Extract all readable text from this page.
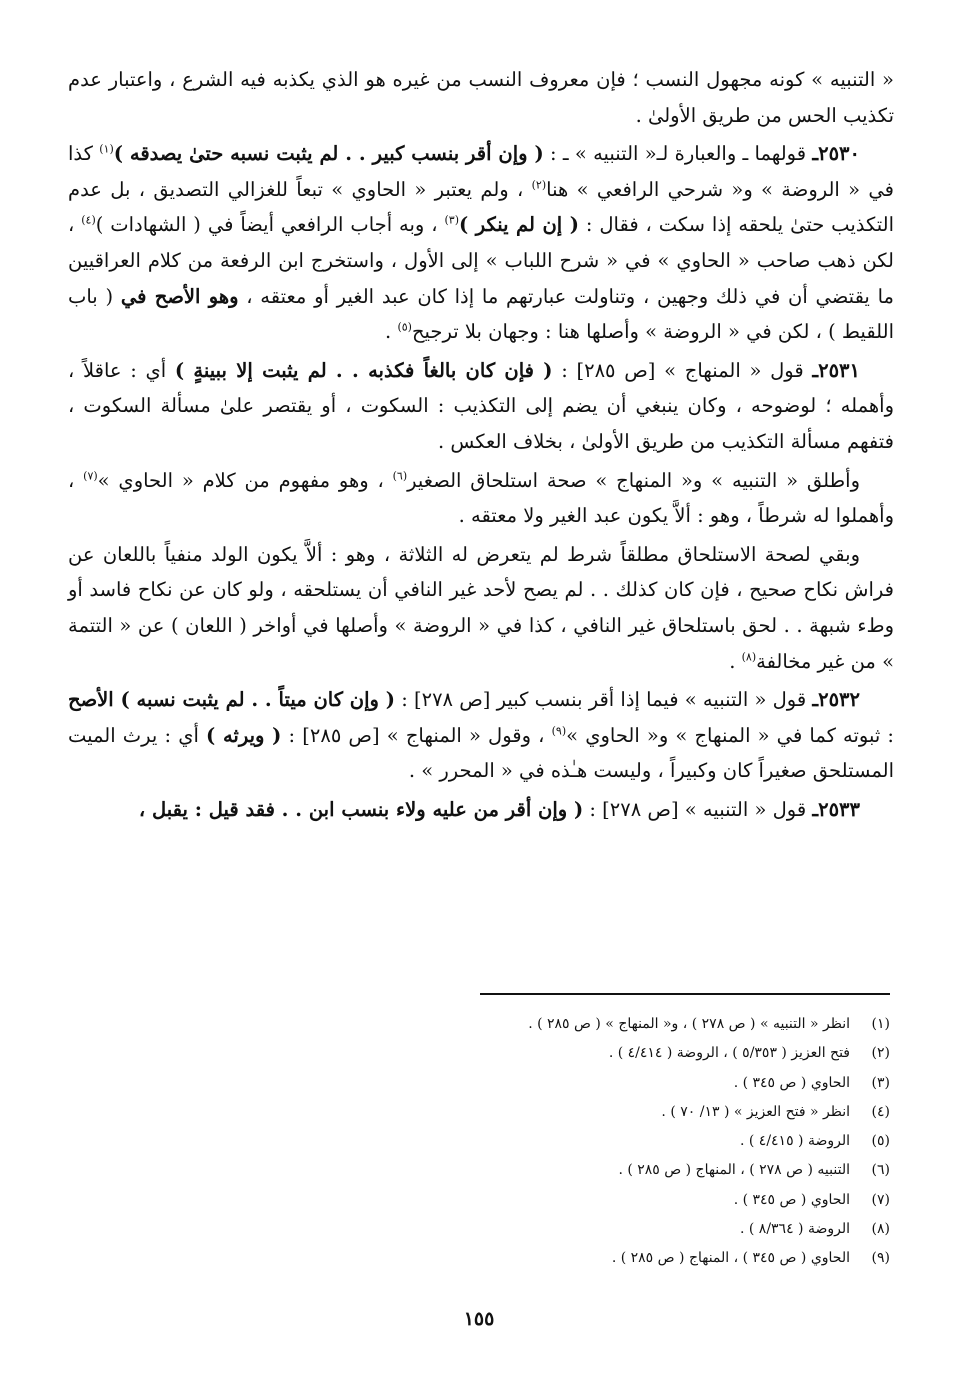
« التنبيه » كونه مجهول النسب ؛ فإن معروف النسب من غيره هو الذي يكذبه فيه الشرع ، واعتبار عدم تكذيب الحس من طريق الأولىٰ .

٢٥٣٠ـ قولهما ـ والعبارة لـ« التنبيه » ـ : ( وإن أقر بنسب كبير . . لم يثبت نسبه حتىٰ يصدقه )$^{(١)}$ كذا في « الروضة » و« شرحي الرافعي » هنا$^{(٢)}$ ، ولم يعتبر « الحاوي » تبعاً للغزالي التصديق ، بل عدم التكذيب حتىٰ يلحقه إذا سكت ، فقال : ( إن لم ينكر )$^{(٣)}$ ، وبه أجاب الرافعي أيضاً في ( الشهادات )$^{(٤)}$ ، لكن ذهب صاحب « الحاوي » في « شرح اللباب » إلى الأول ، واستخرج ابن الرفعة من كلام العراقيين ما يقتضي أن في ذلك وجهين ، وتناولت عبارتهم ما إذا كان عبد الغير أو معتقه ، وهو الأصح في ( باب اللقيط ) ، لكن في « الروضة » وأصلها هنا : وجهان بلا ترجيح$^{(٥)}$ .

٢٥٣١ـ قول « المنهاج » [ص ٢٨٥] : ( فإن كان بالغاً فكذبه . . لم يثبت إلا ببينةٍ ) أي : عاقلاً ، وأهمله ؛ لوضوحه ، وكان ينبغي أن يضم إلى التكذيب : السكوت ، أو يقتصر علىٰ مسألة السكوت ، فتفهم مسألة التكذيب من طريق الأولىٰ ، بخلاف العكس .

وأطلق « التنبيه » و« المنهاج » صحة استلحاق الصغير$^{(٦)}$ ، وهو مفهوم من كلام « الحاوي »$^{(٧)}$ ، وأهملوا له شرطاً ، وهو : ألاَّ يكون عبد الغير ولا معتقه .

وبقي لصحة الاستلحاق مطلقاً شرط لم يتعرض له الثلاثة ، وهو : ألاَّ يكون الولد منفياً باللعان عن فراش نكاح صحيح ، فإن كان كذلك . . لم يصح لأحد غير النافي أن يستلحقه ، ولو كان عن نكاح فاسد أو وطء شبهة . . لحق باستلحاق غير النافي ، كذا في « الروضة » وأصلها في أواخر ( اللعان ) عن « التتمة » من غير مخالفة$^{(٨)}$ .

٢٥٣٢ـ قول « التنبيه » فيما إذا أقر بنسب كبير [ص ٢٧٨] : ( وإن كان ميتاً . . لم يثبت نسبه ) الأصح : ثبوته كما في « المنهاج » و« الحاوي »$^{(٩)}$ ، وقول « المنهاج » [ص ٢٨٥] : ( ويرثه ) أي : يرث الميت المستلحق صغيراً كان وكبيراً ، وليست هـٰذه في « المحرر » .

٢٥٣٣ـ قول « التنبيه » [ص ٢٧٨] : ( وإن أقر من عليه ولاء بنسب ابن . . فقد قيل : يقبل ،

(١)انظر « التنبيه » ( ص ٢٧٨ ) ، و« المنهاج » ( ص ٢٨٥ ) .
(٢)فتح العزيز ( ٥/٣٥٣ ) ، الروضة ( ٤/٤١٤ ) .
(٣)الحاوي ( ص ٣٤٥ ) .
(٤)انظر « فتح العزيز » ( ١٣/ ٧٠ ) .
(٥)الروضة ( ٤/٤١٥ ) .
(٦)التنبيه ( ص ٢٧٨ ) ، المنهاج ( ص ٢٨٥ ) .
(٧)الحاوي ( ص ٣٤٥ ) .
(٨)الروضة ( ٨/٣٦٤ ) .
(٩)الحاوي ( ص ٣٤٥ ) ، المنهاج ( ص ٢٨٥ ) .
١٥٥
